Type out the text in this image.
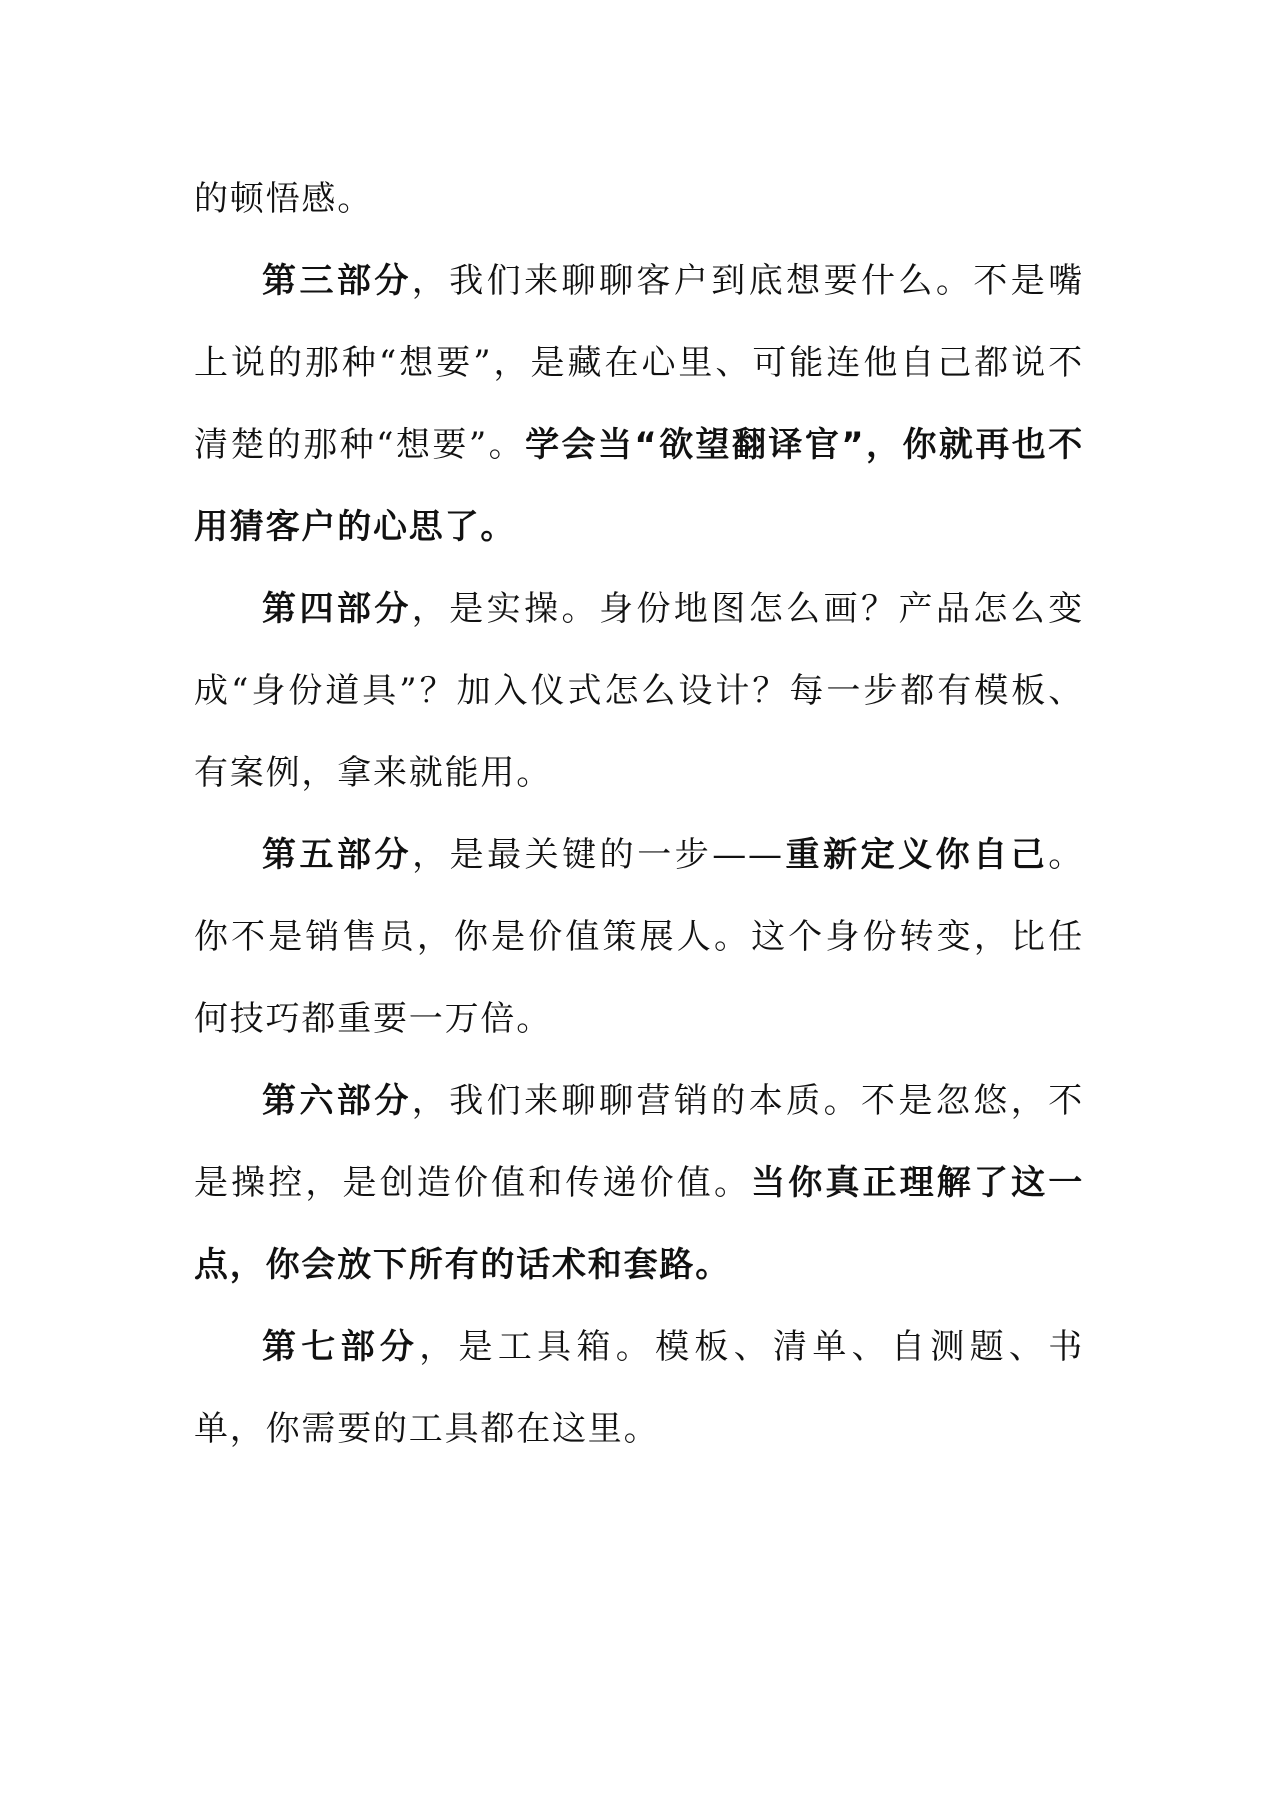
的顿悟感。

第三部分，我们来聊聊客户到底想要什么。不是嘴上说的那种“想要”，是藏在心里、可能连他自己都说不清楚的那种“想要”。学会当“欲望翻译官”，你就再也不用猜客户的心思了。

第四部分，是实操。身份地图怎么画？产品怎么变成“身份道具”？加入仪式怎么设计？每一步都有模板、有案例，拿来就能用。

第五部分，是最关键的一步——重新定义你自己。你不是销售员，你是价值策展人。这个身份转变，比任何技巧都重要一万倍。

第六部分，我们来聊聊营销的本质。不是忽悠，不是操控，是创造价值和传递价值。当你真正理解了这一点，你会放下所有的话术和套路。

第七部分，是工具箱。模板、清单、自测题、书单，你需要的工具都在这里。
